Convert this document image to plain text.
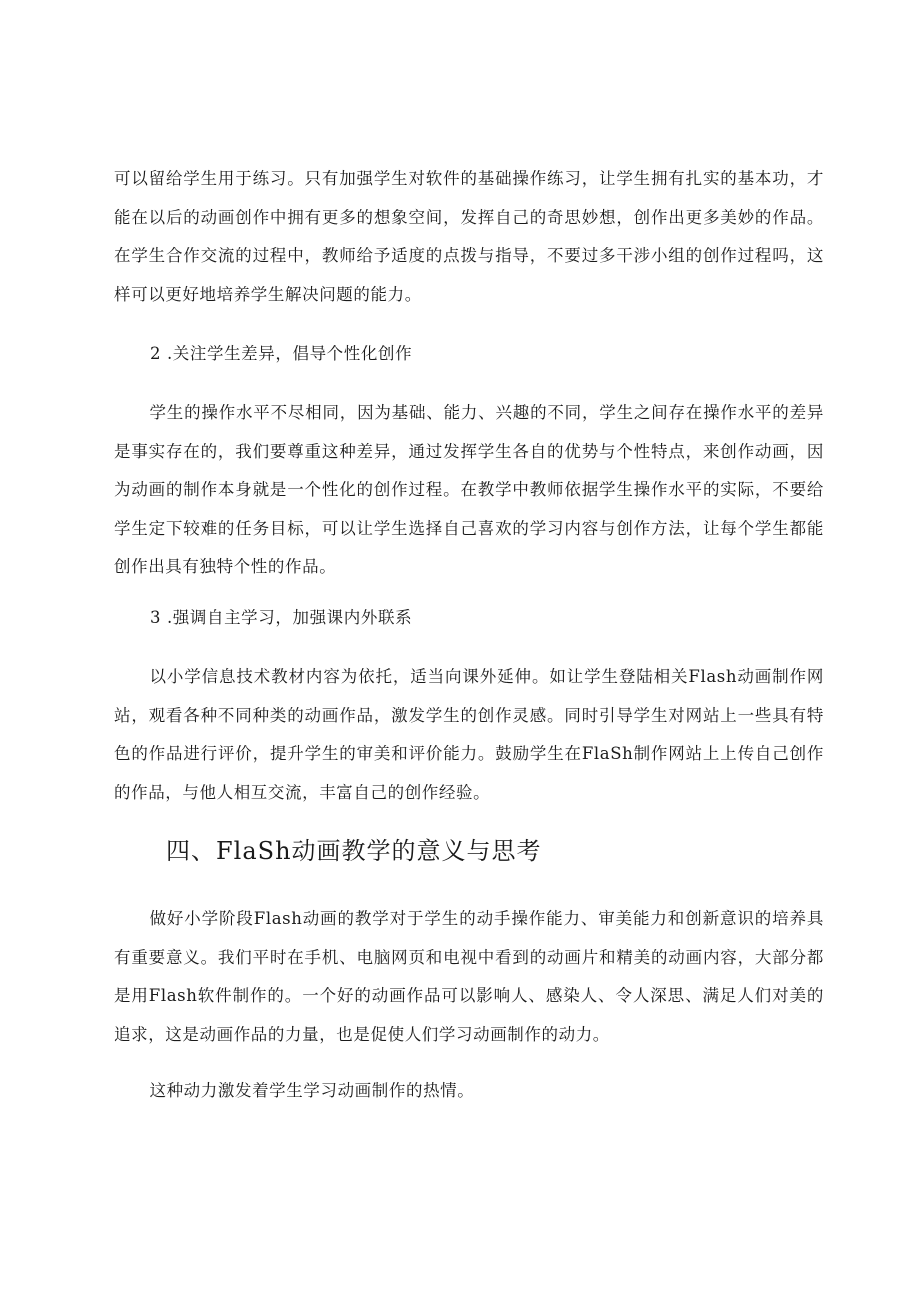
可以留给学生用于练习。只有加强学生对软件的基础操作练习，让学生拥有扎实的基本功，才能在以后的动画创作中拥有更多的想象空间，发挥自己的奇思妙想，创作出更多美妙的作品。在学生合作交流的过程中，教师给予适度的点拨与指导，不要过多干涉小组的创作过程吗，这样可以更好地培养学生解决问题的能力。

2 .关注学生差异，倡导个性化创作

学生的操作水平不尽相同，因为基础、能力、兴趣的不同，学生之间存在操作水平的差异是事实存在的，我们要尊重这种差异，通过发挥学生各自的优势与个性特点，来创作动画，因为动画的制作本身就是一个性化的创作过程。在教学中教师依据学生操作水平的实际，不要给学生定下较难的任务目标，可以让学生选择自己喜欢的学习内容与创作方法，让每个学生都能创作出具有独特个性的作品。

3 .强调自主学习，加强课内外联系

以小学信息技术教材内容为依托，适当向课外延伸。如让学生登陆相关Flash动画制作网站，观看各种不同种类的动画作品，激发学生的创作灵感。同时引导学生对网站上一些具有特色的作品进行评价，提升学生的审美和评价能力。鼓励学生在FlaSh制作网站上上传自己创作的作品，与他人相互交流，丰富自己的创作经验。

四、FlaSh动画教学的意义与思考

做好小学阶段Flash动画的教学对于学生的动手操作能力、审美能力和创新意识的培养具有重要意义。我们平时在手机、电脑网页和电视中看到的动画片和精美的动画内容，大部分都是用Flash软件制作的。一个好的动画作品可以影响人、感染人、令人深思、满足人们对美的追求，这是动画作品的力量，也是促使人们学习动画制作的动力。

这种动力激发着学生学习动画制作的热情。
